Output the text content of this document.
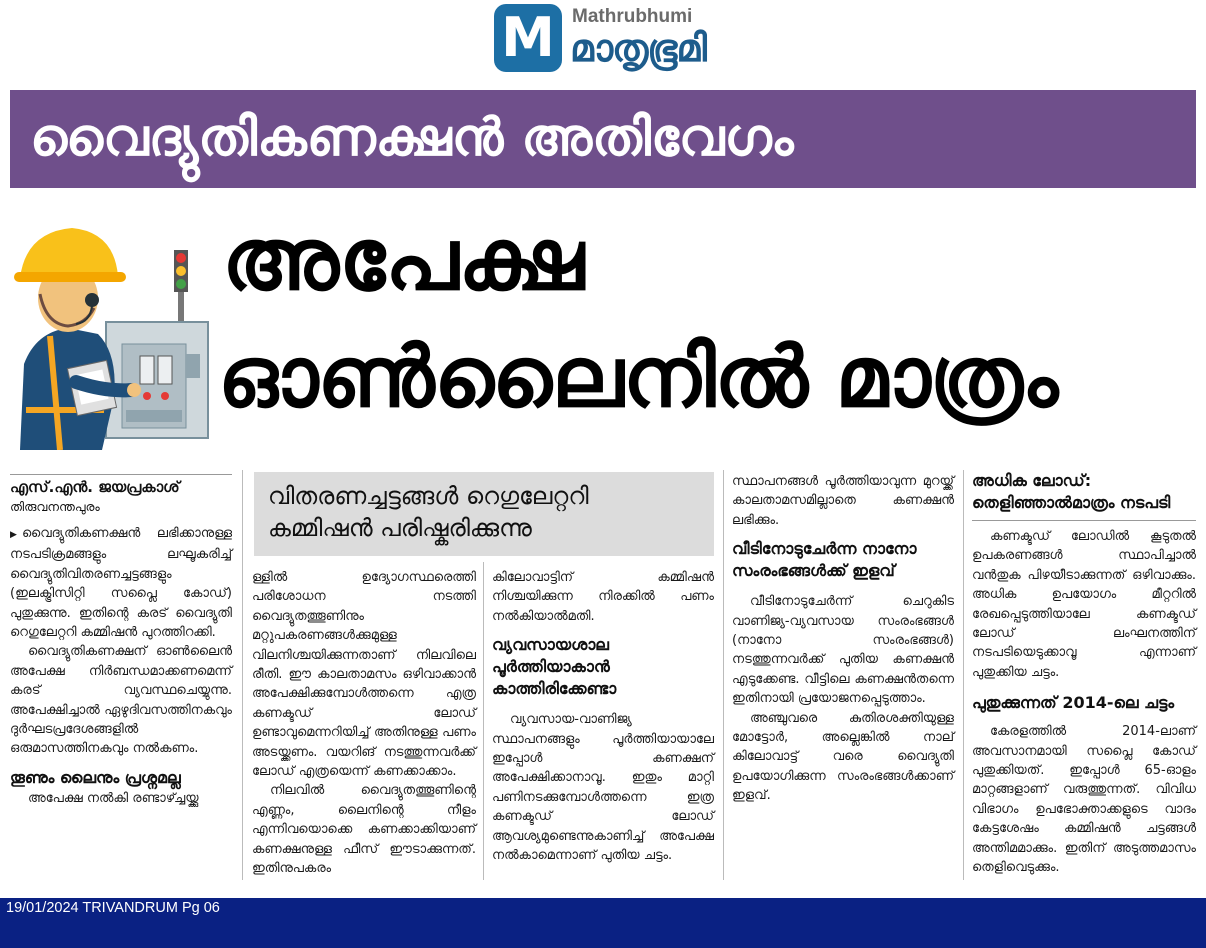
M Mathrubhumi
മാതൃഭൂമി
വൈദ്യുതികണക്ഷൻ അതിവേഗം
അപേക്ഷ
ഓൺലൈനിൽ മാത്രം
എസ്.എൻ. ജയപ്രകാശ്
തിരുവനന്തപുരം	വിതരണച്ചട്ടങ്ങൾ റെഗുലേറ്ററി
കമ്മിഷൻ പരിഷ്കരിക്കുന്നു

▶ വൈദ്യുതികണക്ഷൻ ലഭിക്കാനുള്ള നടപടിക്രമങ്ങളും ലഘൂകരിച്ച് വൈദ്യുതിവിതരണച്ചട്ടങ്ങളും (ഇലക്ട്രിസിറ്റി സപ്ലൈ കോഡ്) പുതുക്കുന്നു. ഇതിന്റെ കരട് വൈദ്യുതി റെഗുലേറ്ററി കമ്മിഷൻ പുറത്തിറക്കി.

വൈദ്യുതികണക്ഷന് ഓൺലൈൻ അപേക്ഷ നിർബന്ധമാക്കണമെന്ന് കരട് വ്യവസ്ഥചെയ്യുന്നു. അപേക്ഷിച്ചാൽ ഏഴുദിവസത്തിനകവും ദുർഘടപ്രദേശങ്ങളിൽ ഒരുമാസത്തിനകവും നൽകണം.

തൂണും ലൈനും പ്രശ്നമല്ല

അപേക്ഷ നൽകി രണ്ടാഴ്ച്ചയ്ക്കു

ള്ളിൽ ഉദ്യോഗസ്ഥരെത്തി പരിശോധന നടത്തി വൈദ്യുതത്തൂണിനും മറ്റുപകരണങ്ങൾക്കുമുള്ള വിലനിശ്ചയിക്കുന്നതാണ് നിലവിലെ രീതി. ഈ കാലതാമസം ഒഴിവാക്കാൻ അപേക്ഷിക്കുമ്പോൾത്തന്നെ എത്ര കണക്ടഡ് ലോഡ് ഉണ്ടാവുമെന്നറിയിച്ച് അതിനുള്ള പണം അടയ്ക്കണം. വയറിങ് നടത്തുന്നവർക്ക് ലോഡ് എത്രയെന്ന് കണക്കാക്കാം.

നിലവിൽ വൈദ്യുതത്തൂണിന്റെ എണ്ണം, ലൈനിന്റെ നീളം എന്നിവയൊക്കെ കണക്കാക്കിയാണ് കണക്ഷനുള്ള ഫീസ് ഈടാക്കുന്നത്. ഇതിനുപകരം

കിലോവാട്ടിന് കമ്മിഷൻ നിശ്ചയിക്കുന്ന നിരക്കിൽ പണം നൽകിയാൽമതി.

വ്യവസായശാല പൂർത്തിയാകാൻ കാത്തിരിക്കേണ്ടാ

വ്യവസായ-വാണിജ്യ സ്ഥാപനങ്ങളും പൂർത്തിയായാലേ ഇപ്പോൾ കണക്ഷന് അപേക്ഷിക്കാനാവൂ. ഇതും മാറ്റി പണിനടക്കുമ്പോൾത്തന്നെ ഇത്ര കണക്ടഡ് ലോഡ് ആവശ്യമുണ്ടെന്നുകാണിച്ച് അപേക്ഷ നൽകാമെന്നാണ് പുതിയ ചട്ടം.

സ്ഥാപനങ്ങൾ പൂർത്തിയാവുന്ന മുറയ്ക്ക് കാലതാമസമില്ലാതെ കണക്ഷൻ ലഭിക്കും.

വീടിനോടുചേർന്ന നാനോ സംരംഭങ്ങൾക്ക് ഇളവ്

വീടിനോടുചേർന്ന് ചെറുകിട വാണിജ്യ-വ്യവസായ സംരംഭങ്ങൾ (നാനോ സംരംഭങ്ങൾ) നടത്തുന്നവർക്ക് പുതിയ കണക്ഷൻ എടുക്കേണ്ട. വീട്ടിലെ കണക്ഷൻതന്നെ ഇതിനായി പ്രയോജനപ്പെടുത്താം.

അഞ്ചുവരെ കുതിരശക്തിയുള്ള മോട്ടോർ, അല്ലെങ്കിൽ നാല് കിലോവാട്ട് വരെ വൈദ്യുതി ഉപയോഗിക്കുന്ന സംരംഭങ്ങൾക്കാണ് ഇളവ്.

അധിക ലോഡ്:
തെളിഞ്ഞാൽമാത്രം നടപടി

കണക്ടഡ് ലോഡിൽ കൂടുതൽ ഉപകരണങ്ങൾ സ്ഥാപിച്ചാൽ വൻതുക പിഴയീടാക്കുന്നത് ഒഴിവാക്കും. അധിക ഉപയോഗം മീറ്ററിൽ രേഖപ്പെടുത്തിയാലേ കണക്ടഡ് ലോഡ് ലംഘനത്തിന് നടപടിയെടുക്കാവൂ എന്നാണ് പുതുക്കിയ ചട്ടം.

പുതുക്കുന്നത് 2014-ലെ ചട്ടം

കേരളത്തിൽ 2014-ലാണ് അവസാനമായി സപ്ലൈ കോഡ് പുതുക്കിയത്. ഇപ്പോൾ 65-ഓളം മാറ്റങ്ങളാണ് വരുത്തുന്നത്. വിവിധ വിഭാഗം ഉപഭോക്താക്കളുടെ വാദം കേട്ടശേഷം കമ്മിഷൻ ചട്ടങ്ങൾ അന്തിമമാക്കും. ഇതിന് അടുത്തമാസം തെളിവെടുക്കും.

19/01/2024 TRIVANDRUM Pg 06
